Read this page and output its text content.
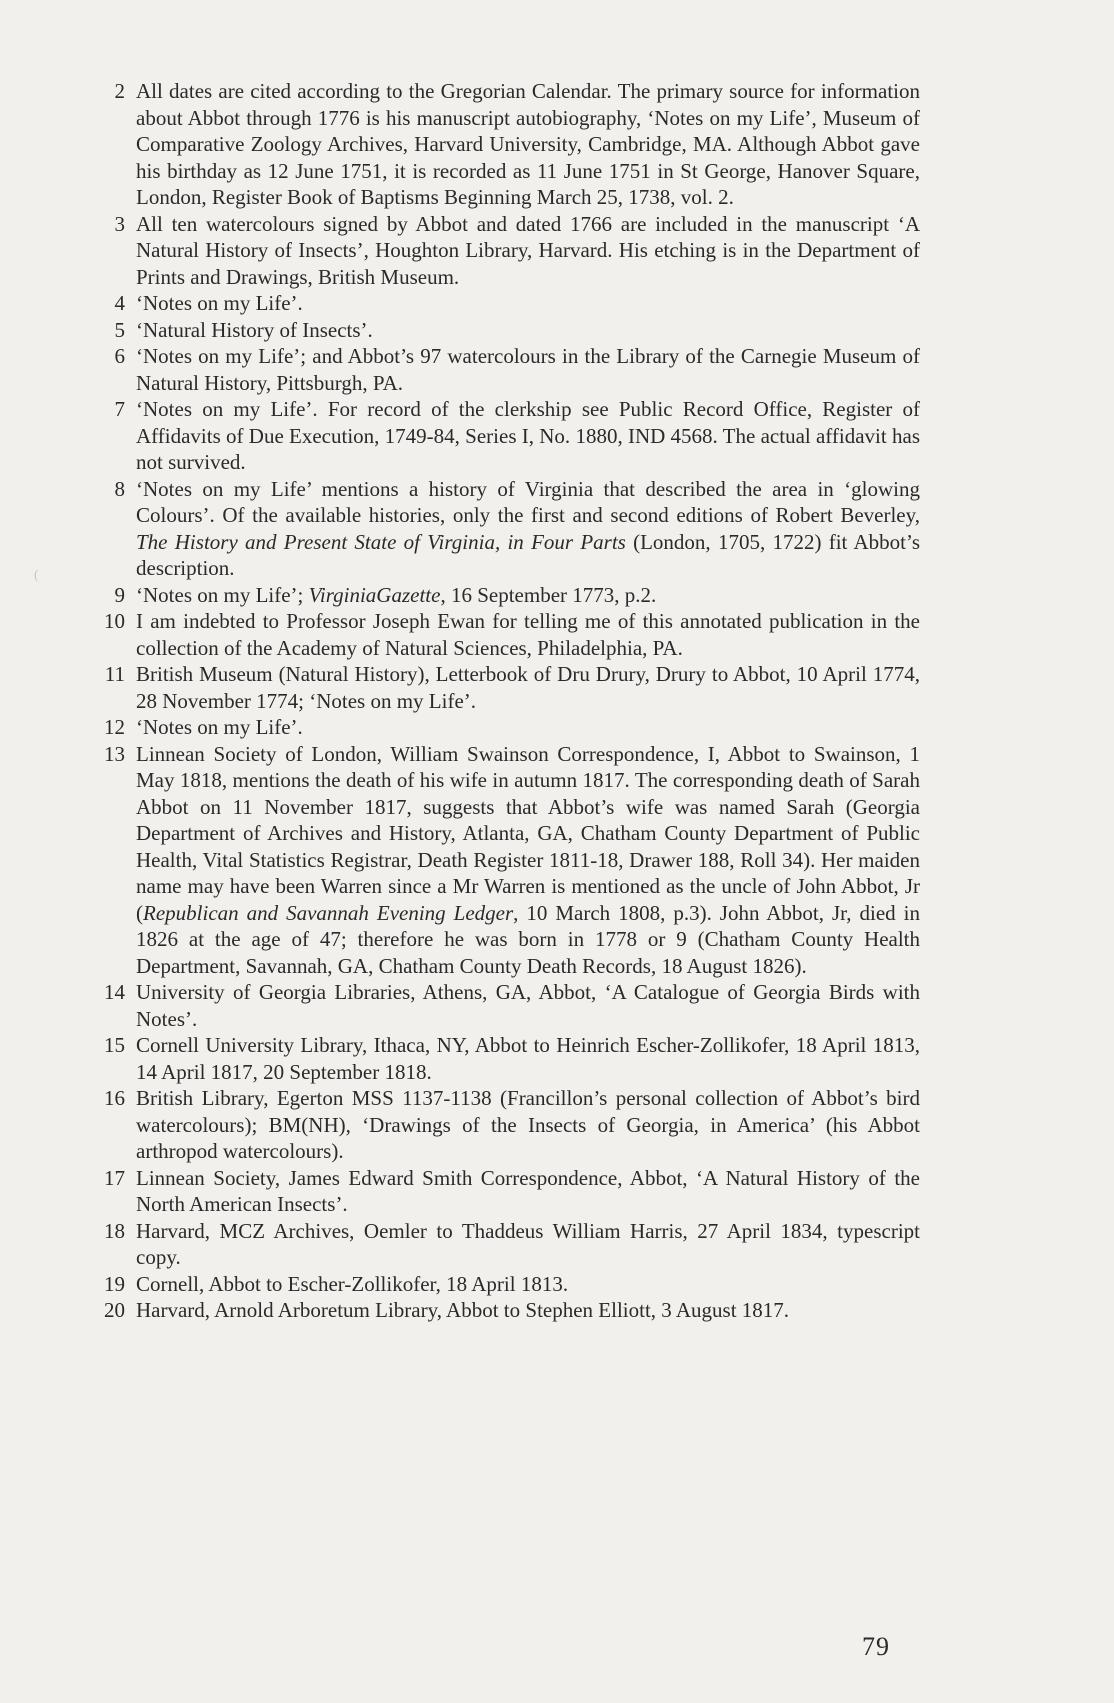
2 All dates are cited according to the Gregorian Calendar. The primary source for information about Abbot through 1776 is his manuscript autobiography, ‘Notes on my Life’, Museum of Comparative Zoology Archives, Harvard University, Cambridge, MA. Although Abbot gave his birthday as 12 June 1751, it is recorded as 11 June 1751 in St George, Hanover Square, London, Register Book of Baptisms Beginning March 25, 1738, vol. 2.

3 All ten watercolours signed by Abbot and dated 1766 are included in the manuscript ‘A Natural History of Insects’, Houghton Library, Harvard. His etching is in the Department of Prints and Drawings, British Museum.

4 ‘Notes on my Life’.

5 ‘Natural History of Insects’.

6 ‘Notes on my Life’; and Abbot’s 97 watercolours in the Library of the Carnegie Museum of Natural History, Pittsburgh, PA.

7 ‘Notes on my Life’. For record of the clerkship see Public Record Office, Register of Affidavits of Due Execution, 1749-84, Series I, No. 1880, IND 4568. The actual affidavit has not survived.

8 ‘Notes on my Life’ mentions a history of Virginia that described the area in ‘glowing Colours’. Of the available histories, only the first and second editions of Robert Beverley, The History and Present State of Virginia, in Four Parts (London, 1705, 1722) fit Abbot’s description.

9 ‘Notes on my Life’; VirginiaGazette, 16 September 1773, p.2.

10 I am indebted to Professor Joseph Ewan for telling me of this annotated publication in the collection of the Academy of Natural Sciences, Philadelphia, PA.

11 British Museum (Natural History), Letterbook of Dru Drury, Drury to Abbot, 10 April 1774, 28 November 1774; ‘Notes on my Life’.

12 ‘Notes on my Life’.

13 Linnean Society of London, William Swainson Correspondence, I, Abbot to Swainson, 1 May 1818, mentions the death of his wife in autumn 1817. The corresponding death of Sarah Abbot on 11 November 1817, suggests that Abbot’s wife was named Sarah (Georgia Department of Archives and History, Atlanta, GA, Chatham County Department of Public Health, Vital Statistics Registrar, Death Register 1811-18, Drawer 188, Roll 34). Her maiden name may have been Warren since a Mr Warren is mentioned as the uncle of John Abbot, Jr (Republican and Savannah Evening Ledger, 10 March 1808, p.3). John Abbot, Jr, died in 1826 at the age of 47; therefore he was born in 1778 or 9 (Chatham County Health Department, Savannah, GA, Chatham County Death Records, 18 August 1826).

14 University of Georgia Libraries, Athens, GA, Abbot, ‘A Catalogue of Georgia Birds with Notes’.

15 Cornell University Library, Ithaca, NY, Abbot to Heinrich Escher-Zollikofer, 18 April 1813, 14 April 1817, 20 September 1818.

16 British Library, Egerton MSS 1137-1138 (Francillon’s personal collection of Abbot’s bird watercolours); BM(NH), ‘Drawings of the Insects of Georgia, in America’ (his Abbot arthropod watercolours).

17 Linnean Society, James Edward Smith Correspondence, Abbot, ‘A Natural History of the North American Insects’.

18 Harvard, MCZ Archives, Oemler to Thaddeus William Harris, 27 April 1834, typescript copy.

19 Cornell, Abbot to Escher-Zollikofer, 18 April 1813.

20 Harvard, Arnold Arboretum Library, Abbot to Stephen Elliott, 3 August 1817.

(
79
